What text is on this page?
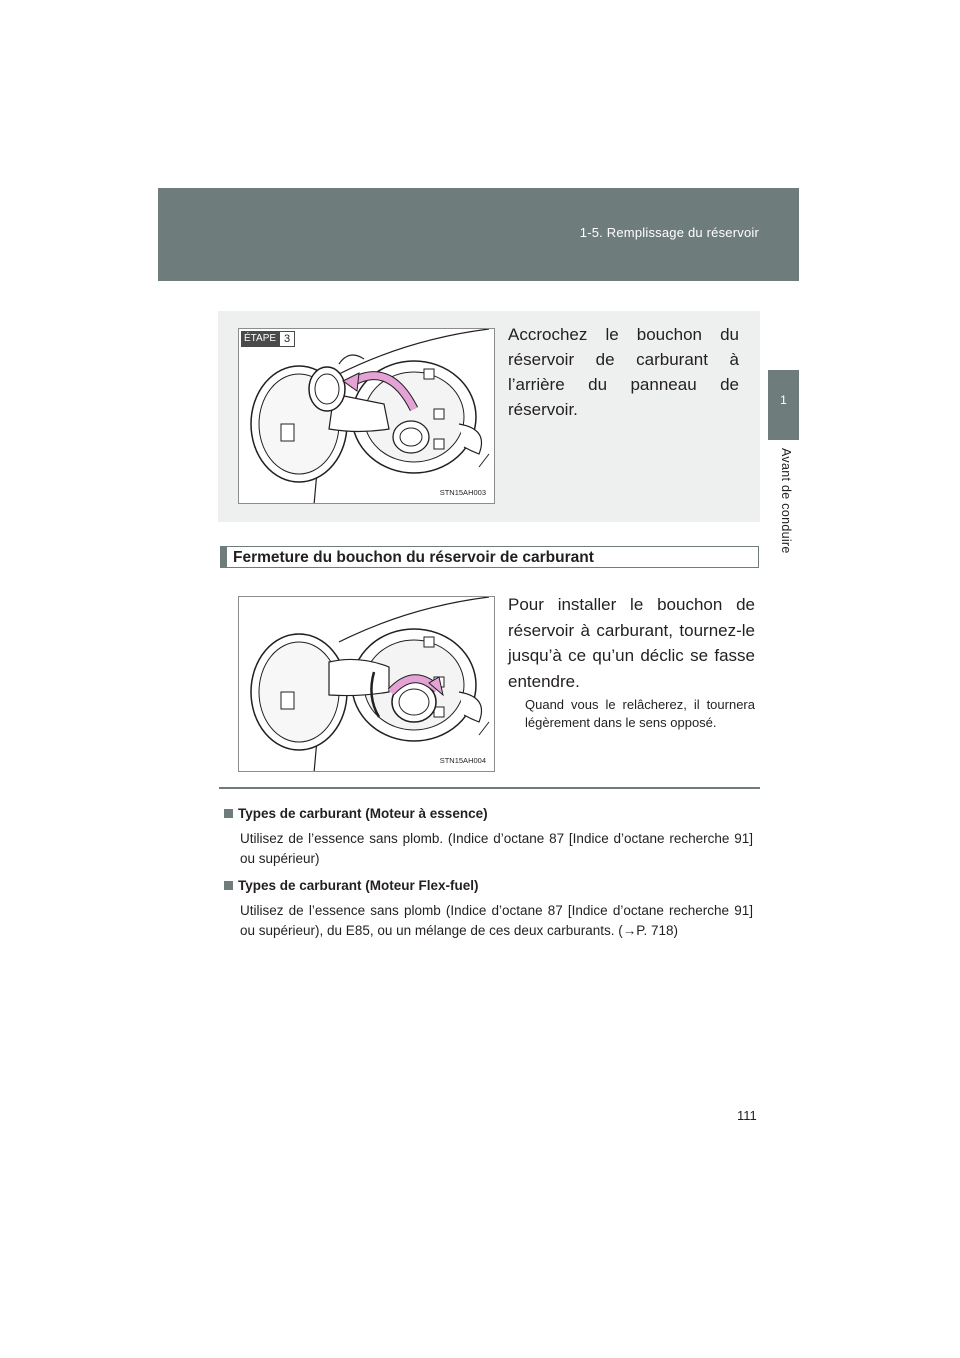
1-5. Remplissage du réservoir
1
Avant de conduire
ÉTAPE 3
STN15AH003
Accrochez le bouchon du réservoir de carburant à l’arrière du panneau de réservoir.
Fermeture du bouchon du réservoir de carburant
STN15AH004
Pour installer le bouchon de réservoir à carburant, tournez-le jusqu’à ce qu’un déclic se fasse entendre.
Quand vous le relâcherez, il tournera légèrement dans le sens opposé.
Types de carburant (Moteur à essence)
Utilisez de l’essence sans plomb. (Indice d’octane 87 [Indice d’octane recherche 91] ou supérieur)
Types de carburant (Moteur Flex-fuel)
Utilisez de l’essence sans plomb (Indice d’octane 87 [Indice d’octane recherche 91] ou supérieur), du E85, ou un mélange de ces deux carburants. (→P. 718)
111
